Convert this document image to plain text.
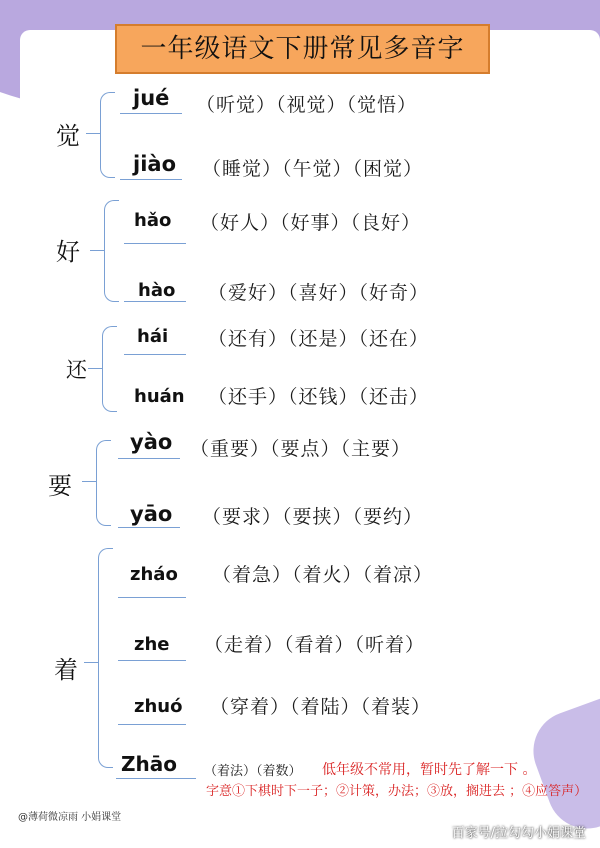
一年级语文下册常见多音字
觉
jué （听觉）（视觉）（觉悟）
jiào （睡觉）（午觉）（困觉）
好
hǎo （好人）（好事）（良好）
hào （爱好）（喜好）（好奇）
还
hái （还有）（还是）（还在）
huán （还手）（还钱）（还击）
要
yào （重要）（要点）（主要）
yāo （要求）（要挟）（要约）
着
zháo （着急）（着火）（着凉）
zhe （走着）（看着）（听着）
zhuó （穿着）（着陆）（着装）
Zhāo （着法）（着数） 低年级不常用，暂时先了解一下 。
字意①下棋时下一子；②计策，办法；③放，搁进去 ；④应答声）
@薄荷微凉雨 小娟课堂
百家号/拉勾勾小娟课堂
